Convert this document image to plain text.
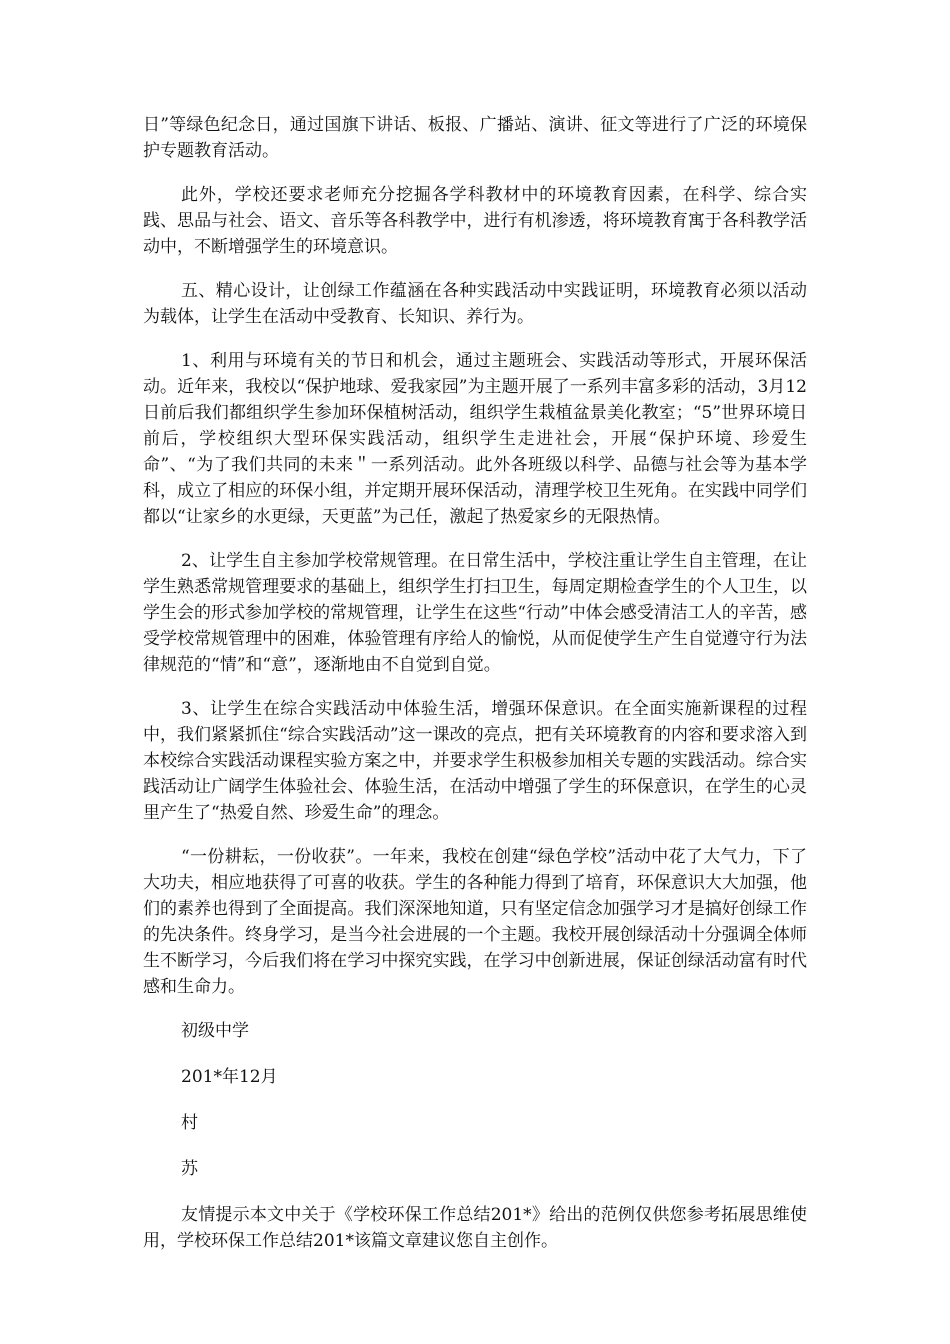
日”等绿色纪念日，通过国旗下讲话、板报、广播站、演讲、征文等进行了广泛的环境保护专题教育活动。

此外，学校还要求老师充分挖掘各学科教材中的环境教育因素，在科学、综合实践、思品与社会、语文、音乐等各科教学中，进行有机渗透，将环境教育寓于各科教学活动中，不断增强学生的环境意识。

五、精心设计，让创绿工作蕴涵在各种实践活动中实践证明，环境教育必须以活动为载体，让学生在活动中受教育、长知识、养行为。

1、利用与环境有关的节日和机会，通过主题班会、实践活动等形式，开展环保活动。近年来，我校以“保护地球、爱我家园”为主题开展了一系列丰富多彩的活动，3月12日前后我们都组织学生参加环保植树活动，组织学生栽植盆景美化教室；“5”世界环境日前后，学校组织大型环保实践活动，组织学生走进社会，开展“保护环境、珍爱生命”、“为了我们共同的未来＂一系列活动。此外各班级以科学、品德与社会等为基本学科，成立了相应的环保小组，并定期开展环保活动，清理学校卫生死角。在实践中同学们都以“让家乡的水更绿，天更蓝”为己任，激起了热爱家乡的无限热情。

2、让学生自主参加学校常规管理。在日常生活中，学校注重让学生自主管理，在让学生熟悉常规管理要求的基础上，组织学生打扫卫生，每周定期检查学生的个人卫生，以学生会的形式参加学校的常规管理，让学生在这些“行动”中体会感受清洁工人的辛苦，感受学校常规管理中的困难，体验管理有序给人的愉悦，从而促使学生产生自觉遵守行为法律规范的“情”和“意”，逐渐地由不自觉到自觉。

3、让学生在综合实践活动中体验生活，增强环保意识。在全面实施新课程的过程中，我们紧紧抓住“综合实践活动”这一课改的亮点，把有关环境教育的内容和要求溶入到本校综合实践活动课程实验方案之中，并要求学生积极参加相关专题的实践活动。综合实践活动让广阔学生体验社会、体验生活，在活动中增强了学生的环保意识，在学生的心灵里产生了“热爱自然、珍爱生命”的理念。

“一份耕耘，一份收获”。一年来，我校在创建“绿色学校”活动中花了大气力，下了大功夫，相应地获得了可喜的收获。学生的各种能力得到了培育，环保意识大大加强，他们的素养也得到了全面提高。我们深深地知道，只有坚定信念加强学习才是搞好创绿工作的先决条件。终身学习，是当今社会进展的一个主题。我校开展创绿活动十分强调全体师生不断学习，今后我们将在学习中探究实践，在学习中创新进展，保证创绿活动富有时代感和生命力。

初级中学

201*年12月

村

苏

友情提示本文中关于《学校环保工作总结201*》给出的范例仅供您参考拓展思维使用，学校环保工作总结201*该篇文章建议您自主创作。
